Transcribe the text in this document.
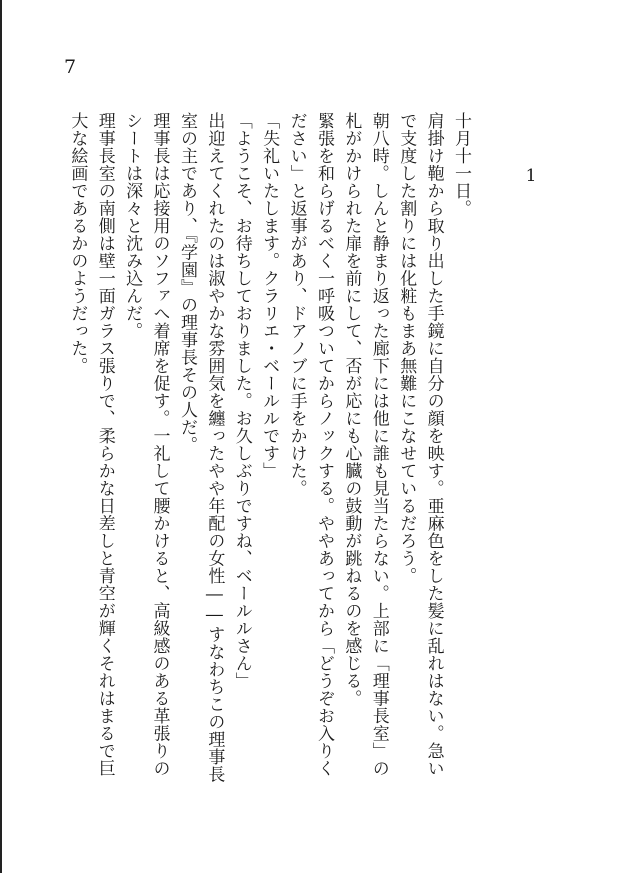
7
1

十月十一日。

肩掛け鞄から取り出した手鏡に自分の顔を映す。亜麻色をした髪に乱れはない。急いで支度した割りには化粧もまあ無難にこなせているだろう。

朝八時。しんと静まり返った廊下には他に誰も見当たらない。上部に「理事長室」の札がかけられた扉を前にして、否が応にも心臓の鼓動が跳ねるのを感じる。

緊張を和らげるべく一呼吸ついてからノックする。ややあってから「どうぞお入りください」と返事があり、ドアノブに手をかけた。

「失礼いたします。クラリエ・ベールルです」

「ようこそ、お待ちしておりました。お久しぶりですね、ベールルさん」

出迎えてくれたのは淑やかな雰囲気を纏ったやや年配の女性――すなわちこの理事長室の主であり、『学園』の理事長その人だ。

理事長は応接用のソファへ着席を促す。一礼して腰かけると、高級感のある革張りのシートは深々と沈み込んだ。

理事長室の南側は壁一面ガラス張りで、柔らかな日差しと青空が輝くそれはまるで巨大な絵画であるかのようだった。
